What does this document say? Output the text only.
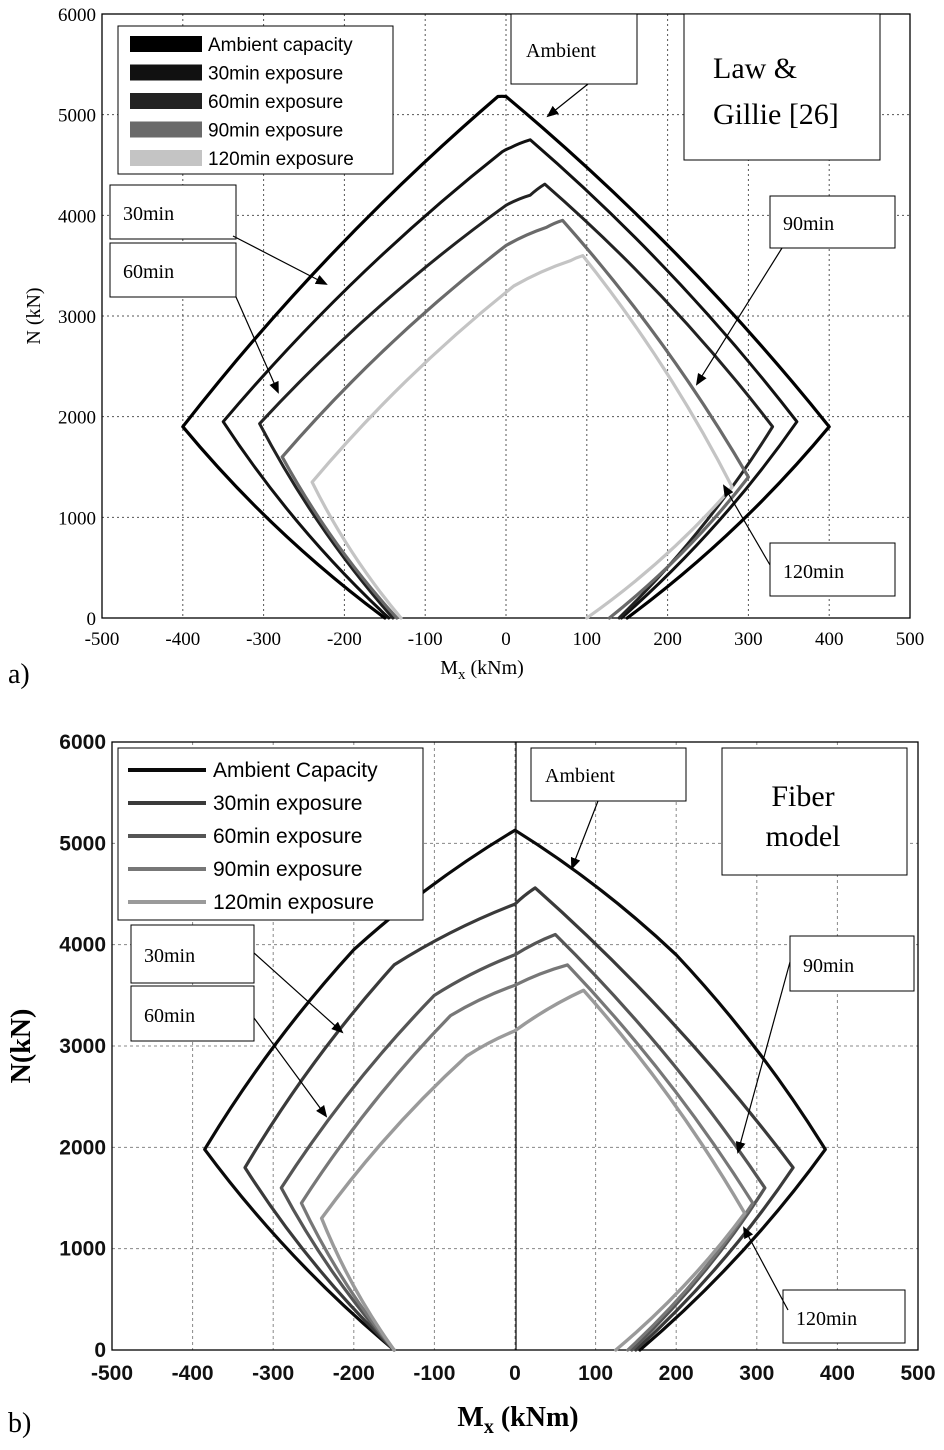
-500 -400 -300 -200 -100	0	100	200	300	400	500
0
1000
2000
3000
4000
5000
6000
Ambient capacity
30min exposure
60min exposure
90min exposure
120min exposure
Ambient
30min
60min
90min
120min
Law &
Gillie [26]
N (kN)
$M_x$ (kNm)
a)
-500 -400 -300 -200 -100	0	100 200 300 400 500
0
1000
2000
3000
4000
5000
6000
Ambient Capacity
30min exposure
60min exposure
90min exposure
120min exposure
Ambient
30min
60min
90min
120min
Fiber
model
N(kN)
$M_x$ (kNm)
b)
